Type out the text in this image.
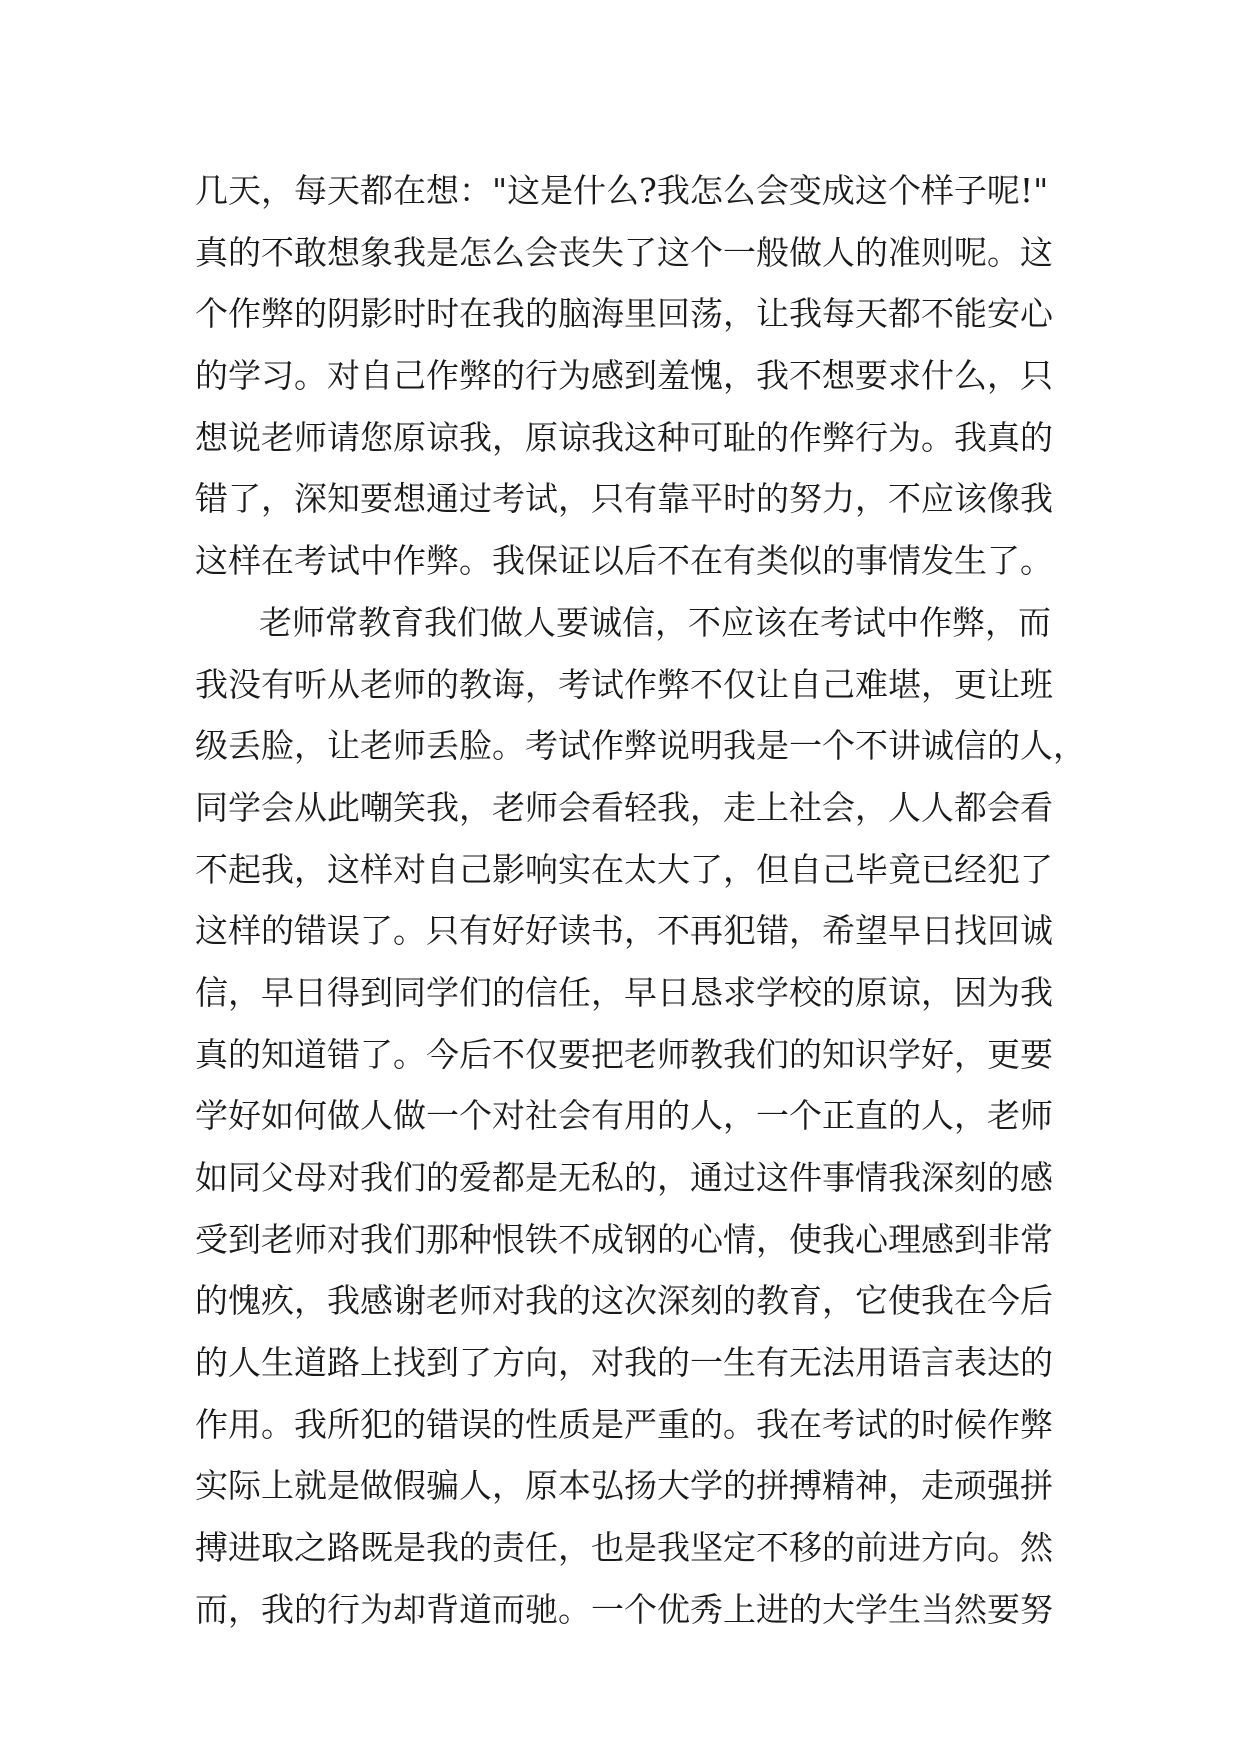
几天，每天都在想："这是什么?我怎么会变成这个样子呢!"
真的不敢想象我是怎么会丧失了这个一般做人的准则呢。这
个作弊的阴影时时在我的脑海里回荡，让我每天都不能安心
的学习。对自己作弊的行为感到羞愧，我不想要求什么，只
想说老师请您原谅我，原谅我这种可耻的作弊行为。我真的
错了，深知要想通过考试，只有靠平时的努力，不应该像我
这样在考试中作弊。我保证以后不在有类似的事情发生了。
老师常教育我们做人要诚信，不应该在考试中作弊，而
我没有听从老师的教诲，考试作弊不仅让自己难堪，更让班
级丢脸，让老师丢脸。考试作弊说明我是一个不讲诚信的人，
同学会从此嘲笑我，老师会看轻我，走上社会，人人都会看
不起我，这样对自己影响实在太大了，但自己毕竟已经犯了
这样的错误了。只有好好读书，不再犯错，希望早日找回诚
信，早日得到同学们的信任，早日恳求学校的原谅，因为我
真的知道错了。今后不仅要把老师教我们的知识学好，更要
学好如何做人做一个对社会有用的人，一个正直的人，老师
如同父母对我们的爱都是无私的，通过这件事情我深刻的感
受到老师对我们那种恨铁不成钢的心情，使我心理感到非常
的愧疚，我感谢老师对我的这次深刻的教育，它使我在今后
的人生道路上找到了方向，对我的一生有无法用语言表达的
作用。我所犯的错误的性质是严重的。我在考试的时候作弊
实际上就是做假骗人，原本弘扬大学的拼搏精神，走顽强拼
搏进取之路既是我的责任，也是我坚定不移的前进方向。然
而，我的行为却背道而驰。一个优秀上进的大学生当然要努
